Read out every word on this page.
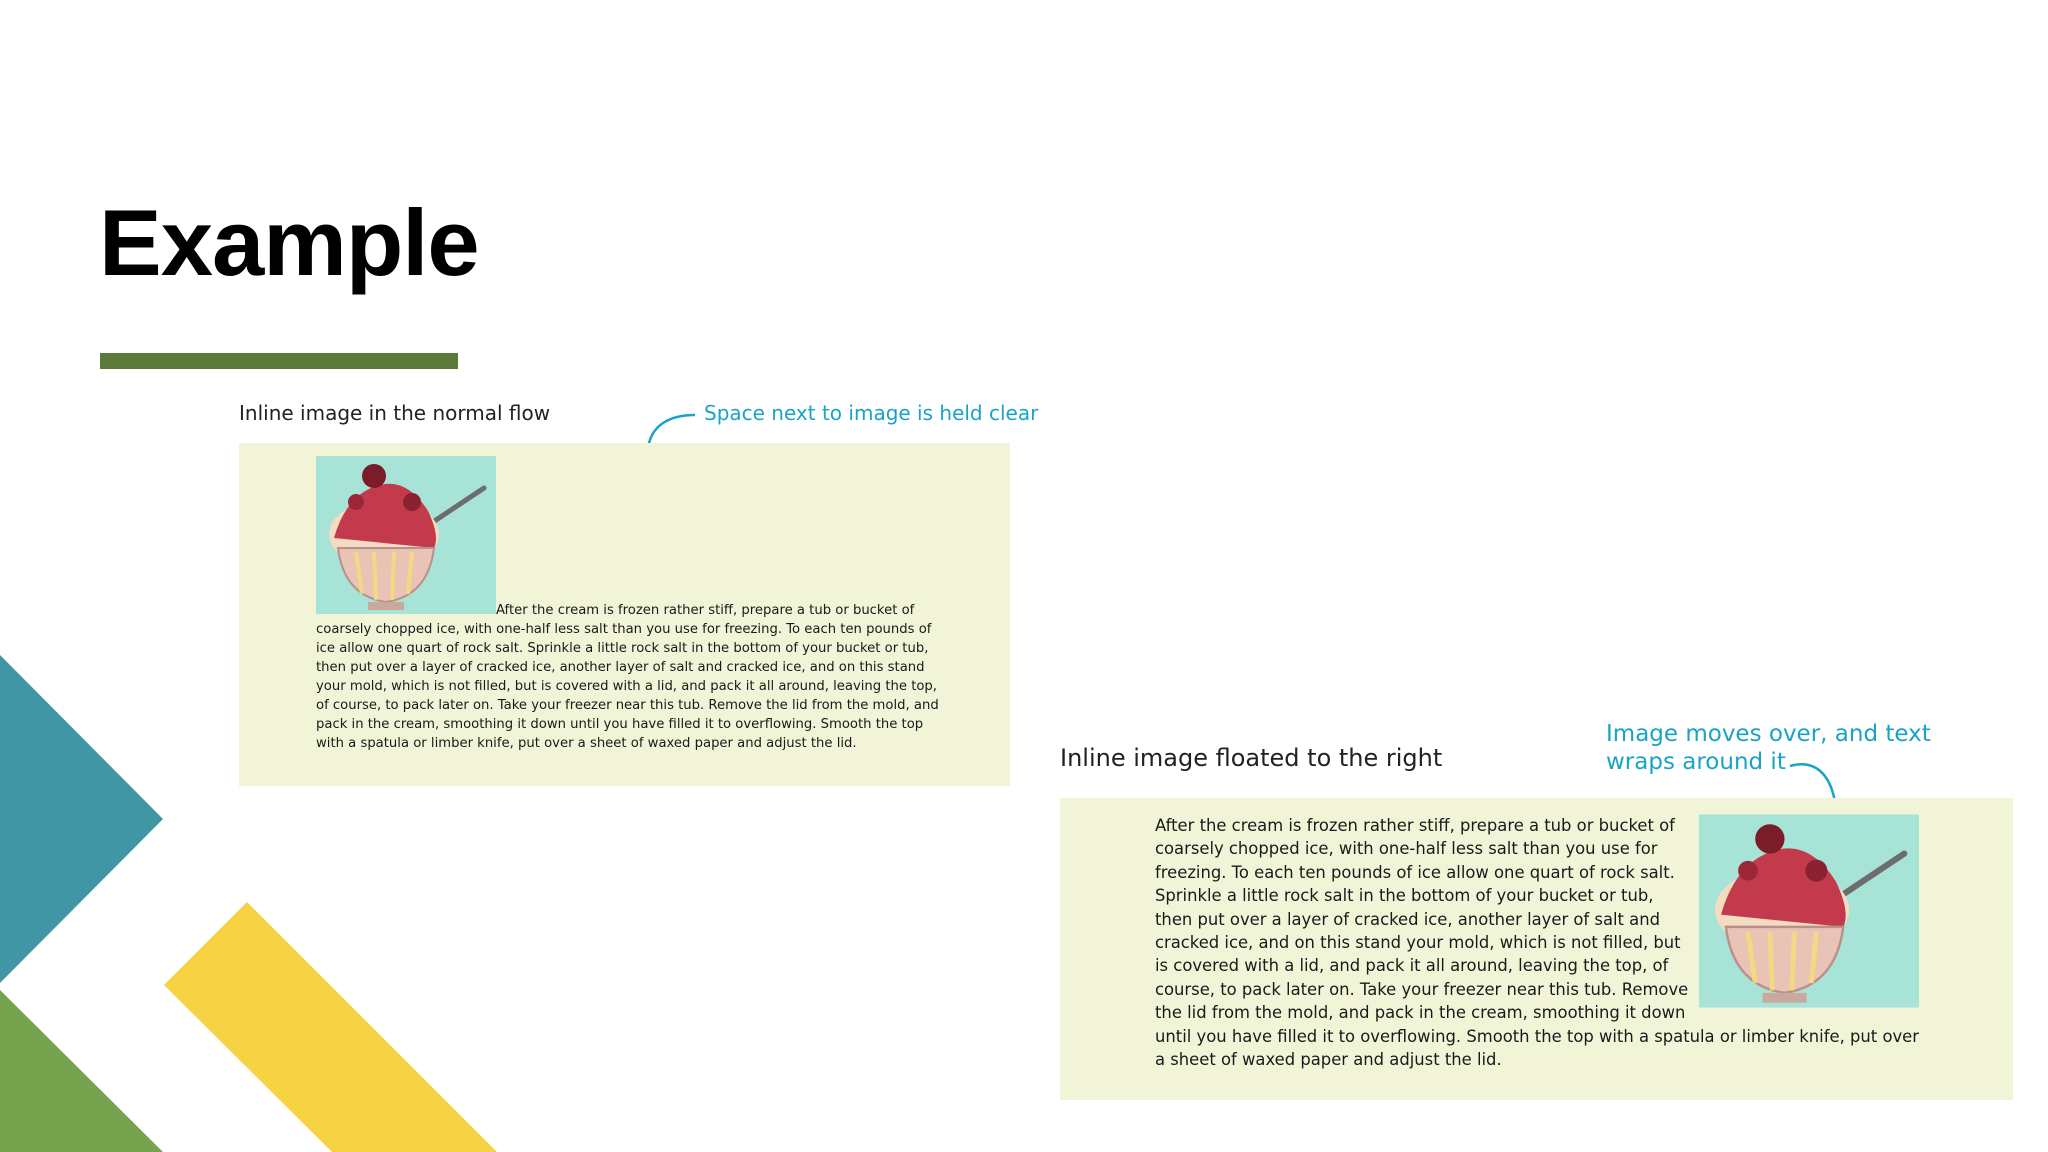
Example
Inline image in the normal flow	Space next to image is held clear

After the cream is frozen rather stiff, prepare a tub or bucket of coarsely chopped ice, with one-half less salt than you use for freezing. To each ten pounds of ice allow one quart of rock salt. Sprinkle a little rock salt in the bottom of your bucket or tub, then put over a layer of cracked ice, another layer of salt and cracked ice, and on this stand your mold, which is not filled, but is covered with a lid, and pack it all around, leaving the top, of course, to pack later on. Take your freezer near this tub. Remove the lid from the mold, and pack in the cream, smoothing it down until you have filled it to overflowing. Smooth the top with a spatula or limber knife, put over a sheet of waxed paper and adjust the lid.

Inline image floated to the right
Image moves over, and text
wraps around it

After the cream is frozen rather stiff, prepare a tub or bucket of coarsely chopped ice, with one-half less salt than you use for freezing. To each ten pounds of ice allow one quart of rock salt. Sprinkle a little rock salt in the bottom of your bucket or tub, then put over a layer of cracked ice, another layer of salt and cracked ice, and on this stand your mold, which is not filled, but is covered with a lid, and pack it all around, leaving the top, of course, to pack later on. Take your freezer near this tub. Remove the lid from the mold, and pack in the cream, smoothing it down until you have filled it to overflowing. Smooth the top with a spatula or limber knife, put over a sheet of waxed paper and adjust the lid.
